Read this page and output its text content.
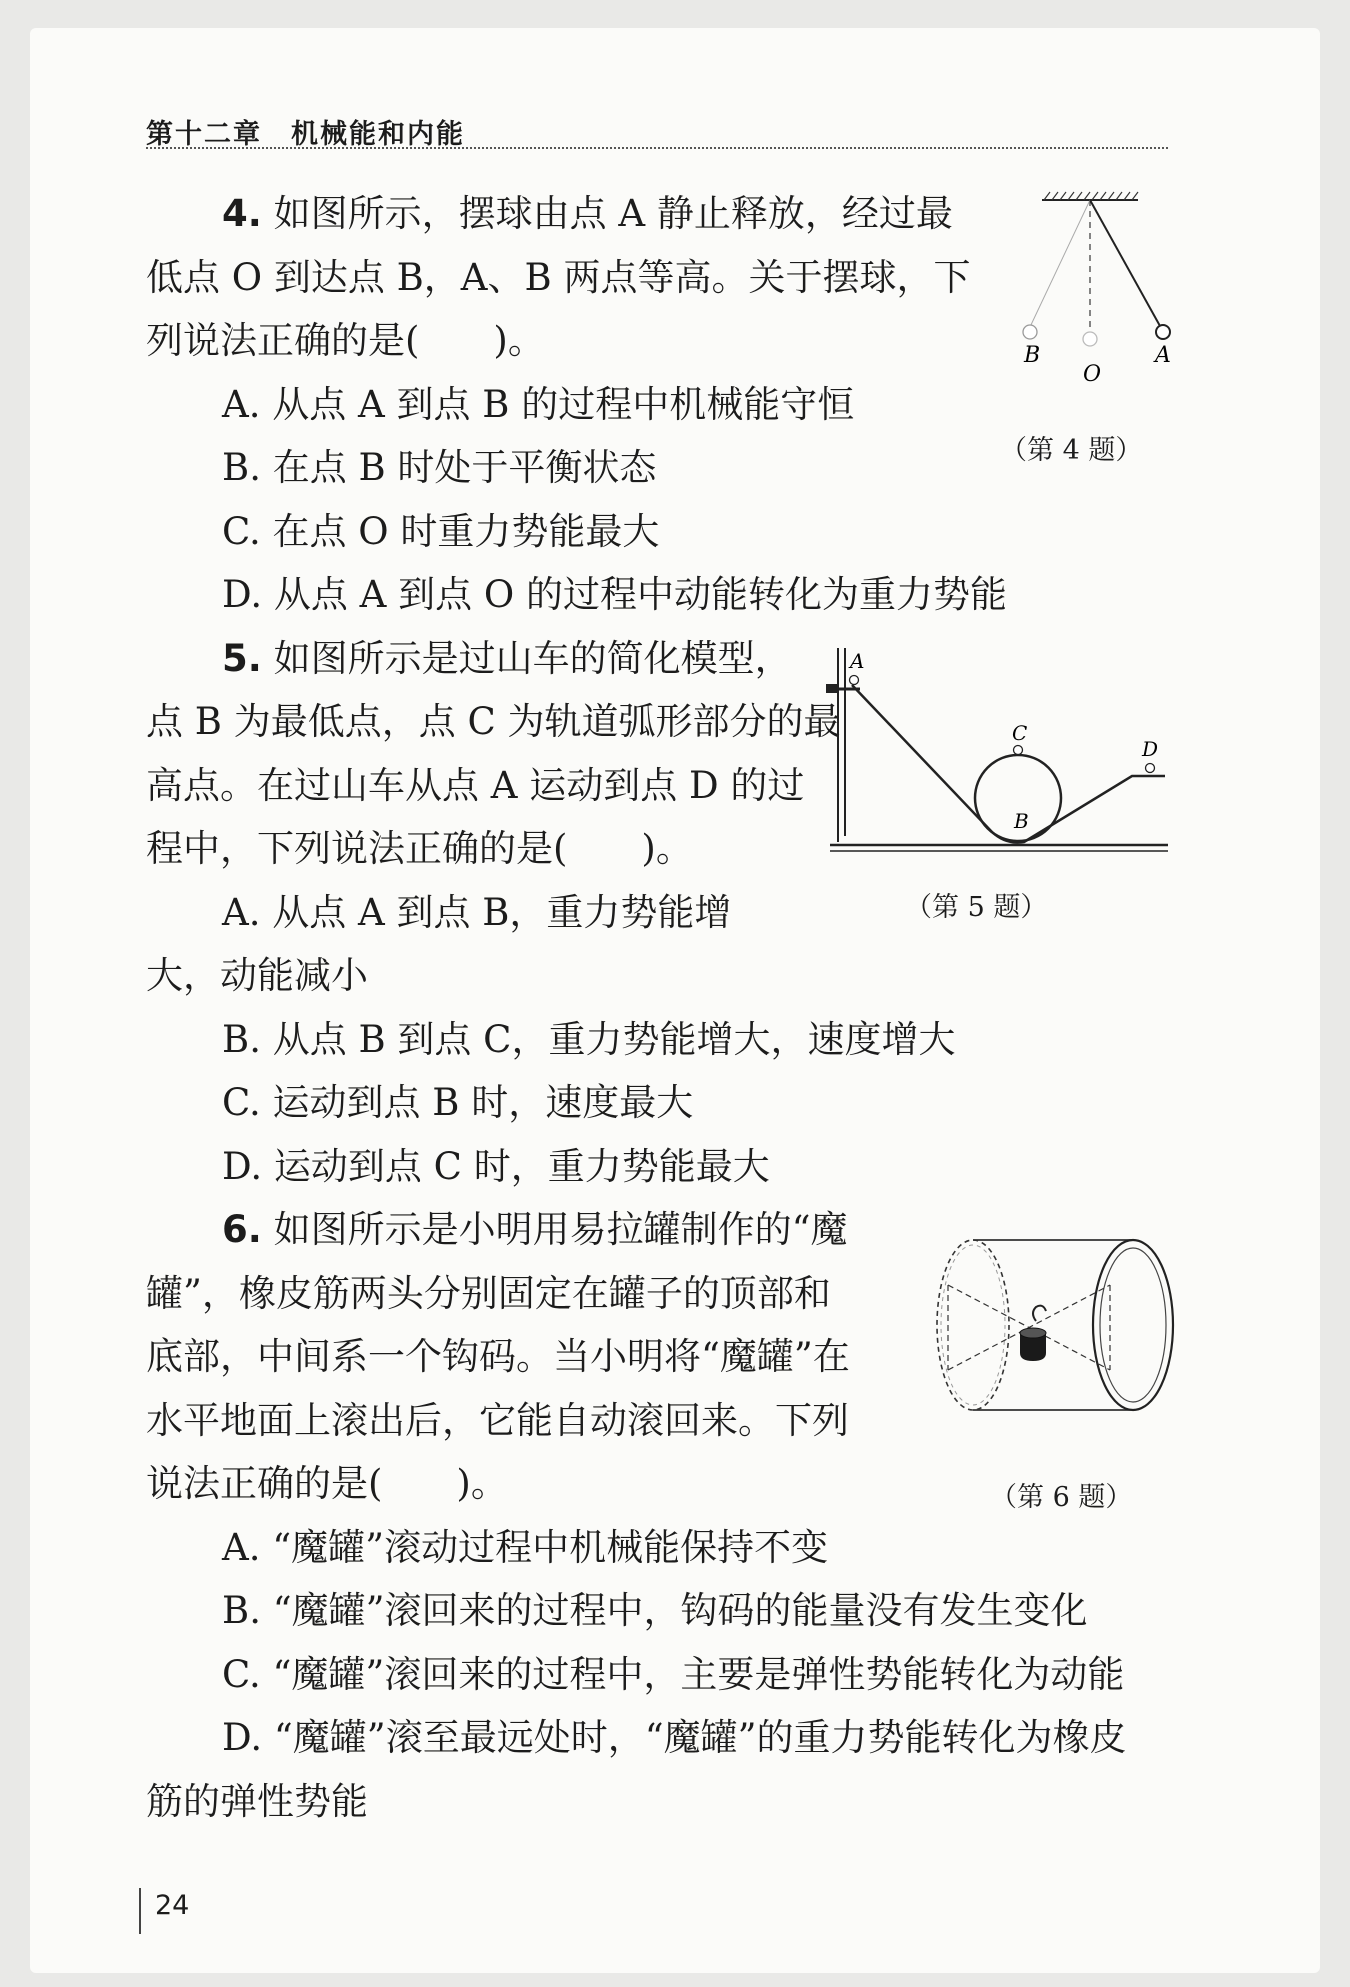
第十二章　机械能和内能
4. 如图所示，摆球由点 A 静止释放，经过最
低点 O 到达点 B，A、B 两点等高。关于摆球，下
列说法正确的是(　　)。
A. 从点 A 到点 B 的过程中机械能守恒
B. 在点 B 时处于平衡状态
C. 在点 O 时重力势能最大
D. 从点 A 到点 O 的过程中动能转化为重力势能
B
O
A
（第 4 题）
5. 如图所示是过山车的简化模型，
点 B 为最低点，点 C 为轨道弧形部分的最
高点。在过山车从点 A 运动到点 D 的过
程中，下列说法正确的是(　　)。
A. 从点 A 到点 B，重力势能增
大，动能减小
B. 从点 B 到点 C，重力势能增大，速度增大
C. 运动到点 B 时，速度最大
D. 运动到点 C 时，重力势能最大
A
C
D
B
（第 5 题）
6. 如图所示是小明用易拉罐制作的“魔
罐”，橡皮筋两头分别固定在罐子的顶部和
底部，中间系一个钩码。当小明将“魔罐”在
水平地面上滚出后，它能自动滚回来。下列
说法正确的是(　　)。
A. “魔罐”滚动过程中机械能保持不变
B. “魔罐”滚回来的过程中，钩码的能量没有发生变化
C. “魔罐”滚回来的过程中，主要是弹性势能转化为动能
D. “魔罐”滚至最远处时，“魔罐”的重力势能转化为橡皮
筋的弹性势能
（第 6 题）
24
